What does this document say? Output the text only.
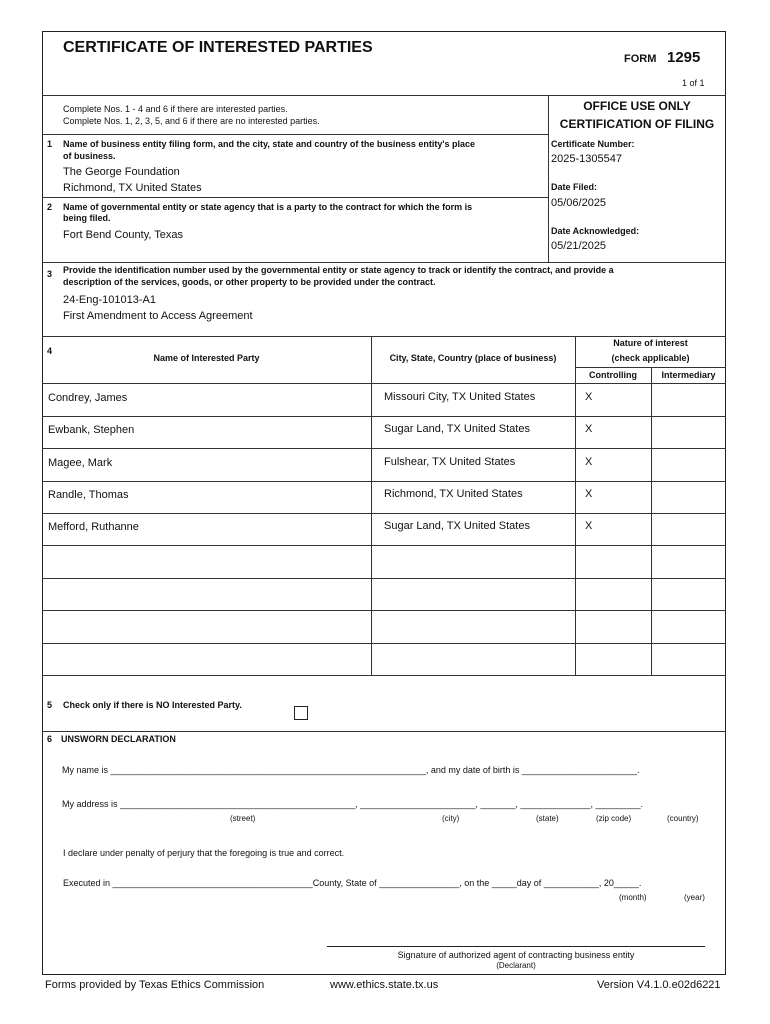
CERTIFICATE OF INTERESTED PARTIES
FORM 1295
1 of 1
Complete Nos. 1 - 4 and 6 if there are interested parties.
Complete Nos. 1, 2, 3, 5, and 6 if there are no interested parties.
OFFICE USE ONLY
CERTIFICATION OF FILING
Certificate Number:
2025-1305547
Date Filed:
05/06/2025
Date Acknowledged:
05/21/2025
1 Name of business entity filing form, and the city, state and country of the business entity's place
of business.
The George Foundation
Richmond, TX United States
2 Name of governmental entity or state agency that is a party to the contract for which the form is
being filed.
Fort Bend County, Texas
3 Provide the identification number used by the governmental entity or state agency to track or identify the contract, and provide a
description of the services, goods, or other property to be provided under the contract.
24-Eng-101013-A1
First Amendment to Access Agreement
4
Name of Interested Party	City, State, Country (place of business)
Nature of interest
(check applicable)
Controlling	Intermediary
Condrey, James	Missouri City, TX United States	X
Ewbank, Stephen	Sugar Land, TX United States	X
Magee, Mark	Fulshear, TX United States	X
Randle, Thomas	Richmond, TX United States	X
Mefford, Ruthanne	Sugar Land, TX United States	X
5 Check only if there is NO Interested Party.
6 UNSWORN DECLARATION
My name is _______________________________________________________________, and my date of birth is _______________________.
My address is _______________________________________________, _______________________, _______, ______________, _________.
(street)	(city)	(state)	(zip code)	(country)
I declare under penalty of perjury that the foregoing is true and correct.
Executed in ________________________________________County, State of ________________, on the _____day of ___________, 20_____.
(month)	(year)
Signature of authorized agent of contracting business entity
(Declarant)
Forms provided by Texas Ethics Commission	www.ethics.state.tx.us	Version V4.1.0.e02d6221
